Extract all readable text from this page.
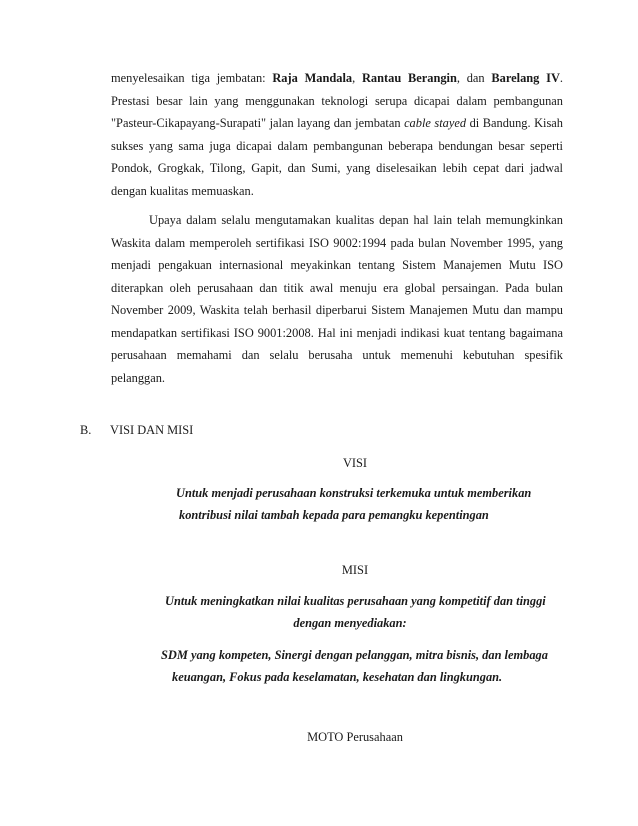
menyelesaikan tiga jembatan: Raja Mandala, Rantau Berangin, dan Barelang IV. Prestasi besar lain yang menggunakan teknologi serupa dicapai dalam pembangunan "Pasteur-Cikapayang-Surapati" jalan layang dan jembatan cable stayed di Bandung. Kisah sukses yang sama juga dicapai dalam pembangunan beberapa bendungan besar seperti Pondok, Grogkak, Tilong, Gapit, dan Sumi, yang diselesaikan lebih cepat dari jadwal dengan kualitas memuaskan.

Upaya dalam selalu mengutamakan kualitas depan hal lain telah memungkinkan Waskita dalam memperoleh sertifikasi ISO 9002:1994 pada bulan November 1995, yang menjadi pengakuan internasional meyakinkan tentang Sistem Manajemen Mutu ISO diterapkan oleh perusahaan dan titik awal menuju era global persaingan. Pada bulan November 2009, Waskita telah berhasil diperbarui Sistem Manajemen Mutu dan mampu mendapatkan sertifikasi ISO 9001:2008. Hal ini menjadi indikasi kuat tentang bagaimana perusahaan memahami dan selalu berusaha untuk memenuhi kebutuhan spesifik pelanggan.

B. VISI DAN MISI
VISI
Untuk menjadi perusahaan konstruksi terkemuka untuk memberikan
kontribusi nilai tambah kepada para pemangku kepentingan
MISI
Untuk meningkatkan nilai kualitas perusahaan yang kompetitif dan tinggi
dengan menyediakan:
SDM yang kompeten, Sinergi dengan pelanggan, mitra bisnis, dan lembaga
keuangan, Fokus pada keselamatan, kesehatan dan lingkungan.
MOTO Perusahaan
